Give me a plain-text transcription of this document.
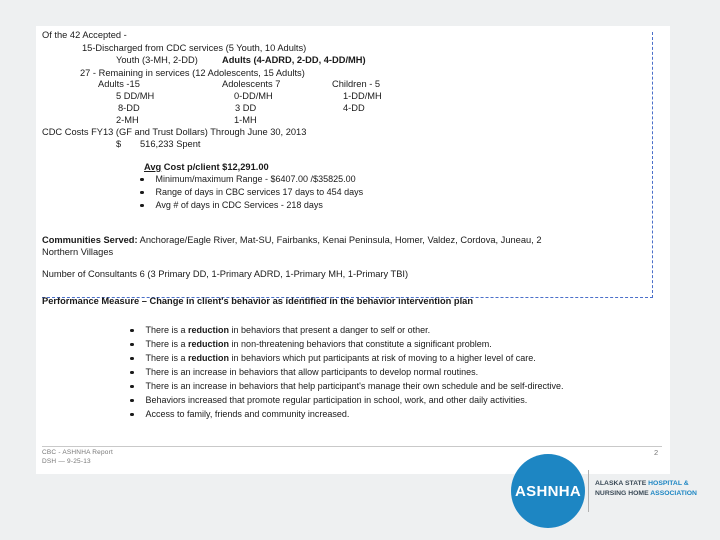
Of the 42 Accepted -
15-Discharged from CDC services (5 Youth, 10 Adults)
Youth (3-MH, 2-DD)	Adults (4-ADRD, 2-DD, 4-DD/MH)
27 - Remaining in services (12 Adolescents, 15 Adults)
Adults -15	Adolescents 7	Children - 5
5 DD/MH	0-DD/MH	1-DD/MH
8-DD	3 DD	4-DD
2-MH	1-MH
CDC Costs FY13 (GF and Trust Dollars) Through June 30, 2013
$ 516,233 Spent
Avg Cost p/client $12,291.00
Minimum/maximum Range - $6407.00 /$35825.00
Range of days in CBC services 17 days to 454 days
Avg # of days in CDC Services - 218 days
Communities Served: Anchorage/Eagle River, Mat-SU, Fairbanks, Kenai Peninsula, Homer, Valdez, Cordova, Juneau, 2
Northern Villages
Number of Consultants 6 (3 Primary DD, 1-Primary ADRD, 1-Primary MH, 1-Primary TBI)
Performance Measure – Change in client's behavior as identified in the behavior intervention plan
There is a reduction in behaviors that present a danger to self or other.
There is a reduction in non-threatening behaviors that constitute a significant problem.
There is a reduction in behaviors which put participants at risk of moving to a higher level of care.
There is an increase in behaviors that allow participants to develop normal routines.
There is an increase in behaviors that help participant's manage their own schedule and be self-directive.
Behaviors increased that promote regular participation in school, work, and other daily activities.
Access to family, friends and community increased.
CBC - ASHNHA Report
DSH — 9-25-13
2
ASHNHA ALASKA STATE HOSPITAL &
NURSING HOME ASSOCIATION
